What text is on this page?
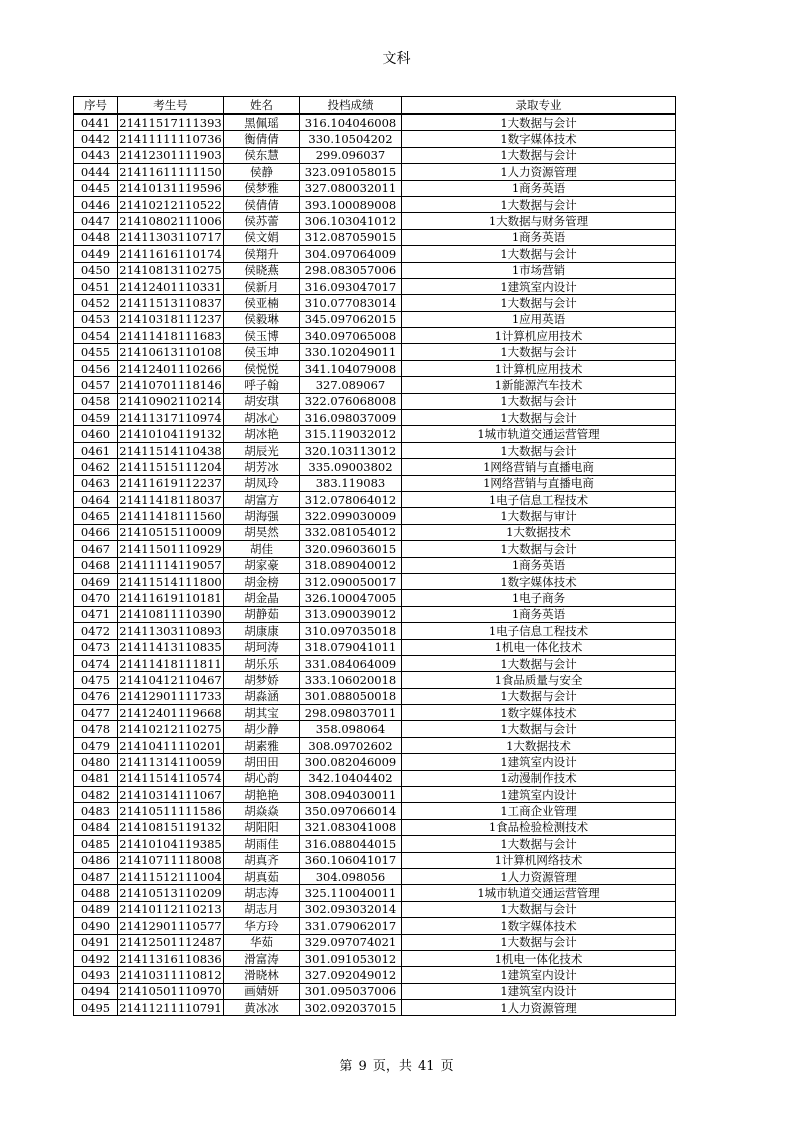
文科
序号	考生号	姓名	投档成绩	录取专业
0441	21411517111393	黑佩瑶	316.104046008	1大数据与会计
0442	21411111110736	衡倩倩	330.10504202	1数字媒体技术
0443	21412301111903	侯东慧	299.096037	1大数据与会计
0444	21411611111150	侯静	323.091058015	1人力资源管理
0445	21410131119596	侯梦雅	327.080032011	1商务英语
0446	21410212110522	侯倩倩	393.100089008	1大数据与会计
0447	21410802111006	侯苏蕾	306.103041012	1大数据与财务管理
0448	21411303110717	侯文娟	312.087059015	1商务英语
0449	21411616110174	侯翔升	304.097064009	1大数据与会计
0450	21410813110275	侯晓燕	298.083057006	1市场营销
0451	21412401110331	侯新月	316.093047017	1建筑室内设计
0452	21411513110837	侯亚楠	310.077083014	1大数据与会计
0453	21410318111237	侯毅琳	345.097062015	1应用英语
0454	21411418111683	侯玉博	340.097065008	1计算机应用技术
0455	21410613110108	侯玉坤	330.102049011	1大数据与会计
0456	21412401110266	侯悦悦	341.104079008	1计算机应用技术
0457	21410701118146	呼子翰	327.089067	1新能源汽车技术
0458	21410902110214	胡安琪	322.076068008	1大数据与会计
0459	21411317110974	胡冰心	316.098037009	1大数据与会计
0460	21410104119132	胡冰艳	315.119032012	1城市轨道交通运营管理
0461	21411514110438	胡辰光	320.103113012	1大数据与会计
0462	21411515111204	胡芳冰	335.09003802	1网络营销与直播电商
0463	21411619112237	胡凤玲	383.119083	1网络营销与直播电商
0464	21411418118037	胡富方	312.078064012	1电子信息工程技术
0465	21411418111560	胡海强	322.099030009	1大数据与审计
0466	21410515110009	胡昊然	332.081054012	1大数据技术
0467	21411501110929	胡佳	320.096036015	1大数据与会计
0468	21411114119057	胡家豪	318.089040012	1商务英语
0469	21411514111800	胡金榜	312.090050017	1数字媒体技术
0470	21411619110181	胡金晶	326.100047005	1电子商务
0471	21410811110390	胡静茹	313.090039012	1商务英语
0472	21411303110893	胡康康	310.097035018	1电子信息工程技术
0473	21411413110835	胡珂涛	318.079041011	1机电一体化技术
0474	21411418111811	胡乐乐	331.084064009	1大数据与会计
0475	21410412110467	胡梦娇	333.106020018	1食品质量与安全
0476	21412901111733	胡淼涵	301.088050018	1大数据与会计
0477	21412401119668	胡其宝	298.098037011	1数字媒体技术
0478	21410212110275	胡少静	358.098064	1大数据与会计
0479	21410411110201	胡素雅	308.09702602	1大数据技术
0480	21411314110059	胡田田	300.082046009	1建筑室内设计
0481	21411514110574	胡心韵	342.10404402	1动漫制作技术
0482	21410314111067	胡艳艳	308.094030011	1建筑室内设计
0483	21410511111586	胡焱焱	350.097066014	1工商企业管理
0484	21410815119132	胡阳阳	321.083041008	1食品检验检测技术
0485	21410104119385	胡雨佳	316.088044015	1大数据与会计
0486	21410711118008	胡真齐	360.106041017	1计算机网络技术
0487	21411512111004	胡真茹	304.098056	1人力资源管理
0488	21410513110209	胡志涛	325.110040011	1城市轨道交通运营管理
0489	21410112110213	胡志月	302.093032014	1大数据与会计
0490	21412901110577	华方玲	331.079062017	1数字媒体技术
0491	21412501112487	华茹	329.097074021	1大数据与会计
0492	21411316110836	滑富涛	301.091053012	1机电一体化技术
0493	21410311110812	滑晓林	327.092049012	1建筑室内设计
0494	21410501110970	画婧妍	301.095037006	1建筑室内设计
0495	21411211110791	黄冰冰	302.092037015	1人力资源管理
第 9 页，共 41 页
